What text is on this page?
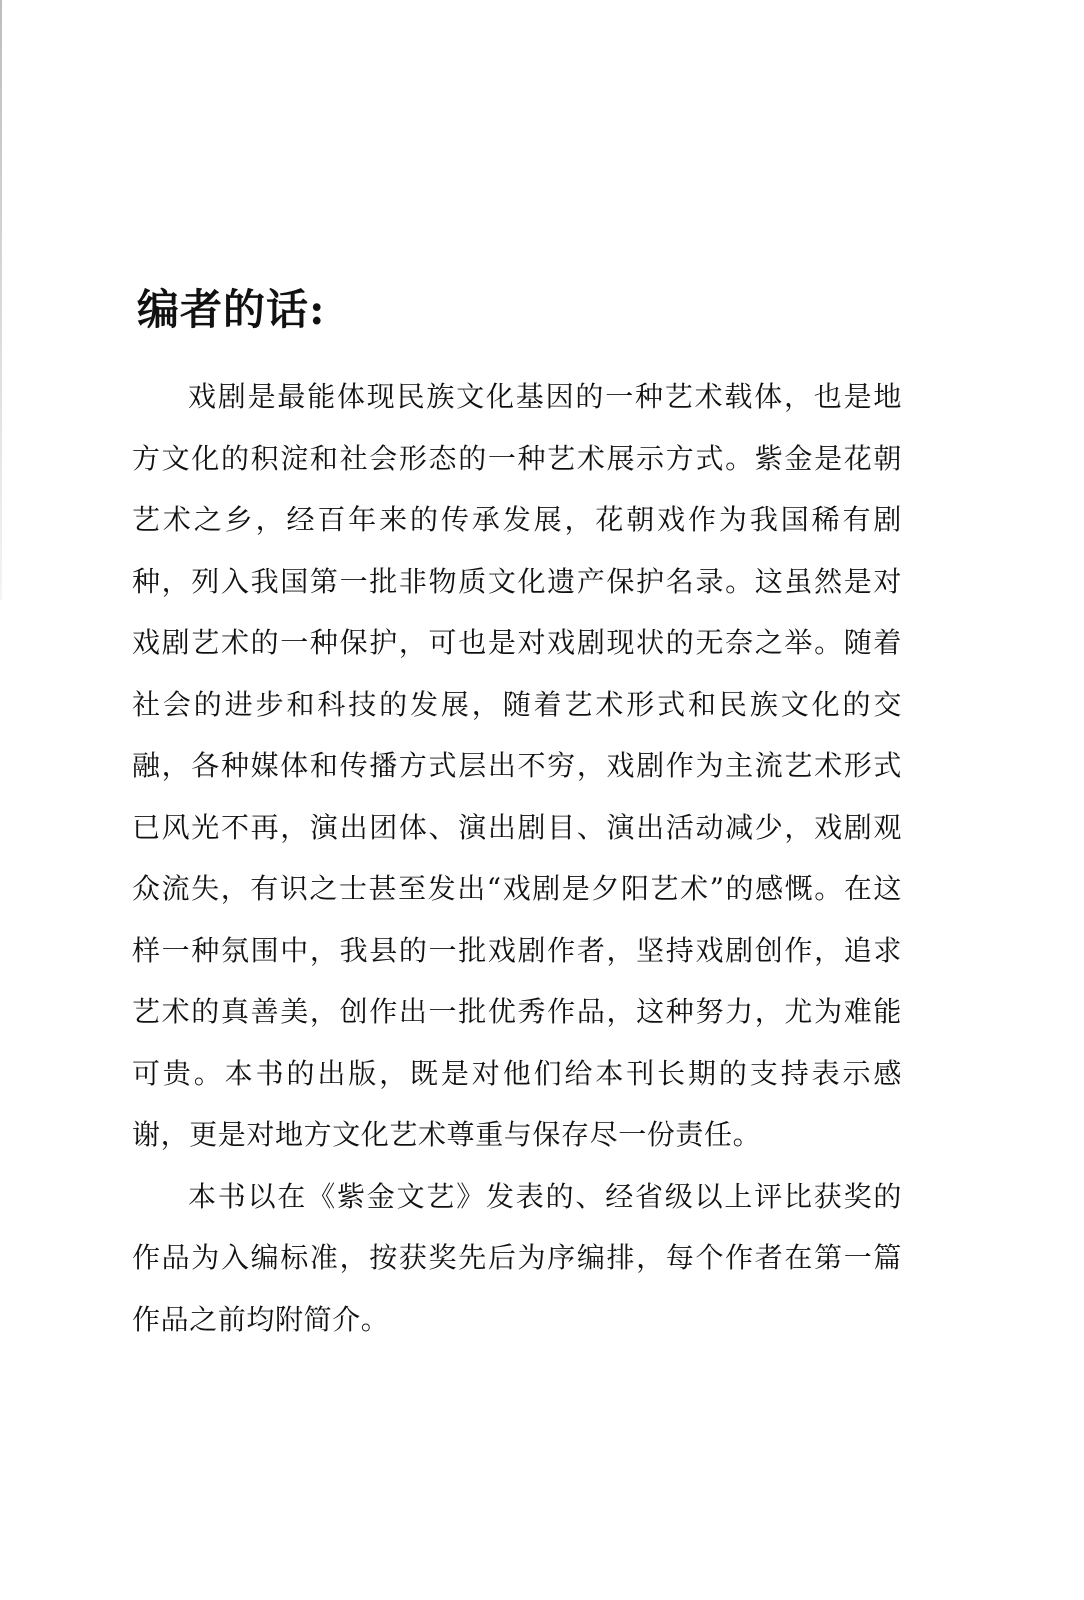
编者的话:

戏剧是最能体现民族文化基因的一种艺术载体，也是地方文化的积淀和社会形态的一种艺术展示方式。紫金是花朝艺术之乡，经百年来的传承发展，花朝戏作为我国稀有剧种，列入我国第一批非物质文化遗产保护名录。这虽然是对戏剧艺术的一种保护，可也是对戏剧现状的无奈之举。随着社会的进步和科技的发展，随着艺术形式和民族文化的交融，各种媒体和传播方式层出不穷，戏剧作为主流艺术形式已风光不再，演出团体、演出剧目、演出活动减少，戏剧观众流失，有识之士甚至发出“戏剧是夕阳艺术”的感慨。在这样一种氛围中，我县的一批戏剧作者，坚持戏剧创作，追求艺术的真善美，创作出一批优秀作品，这种努力，尤为难能可贵。本书的出版，既是对他们给本刊长期的支持表示感谢，更是对地方文化艺术尊重与保存尽一份责任。

本书以在《紫金文艺》发表的、经省级以上评比获奖的作品为入编标准，按获奖先后为序编排，每个作者在第一篇作品之前均附简介。
